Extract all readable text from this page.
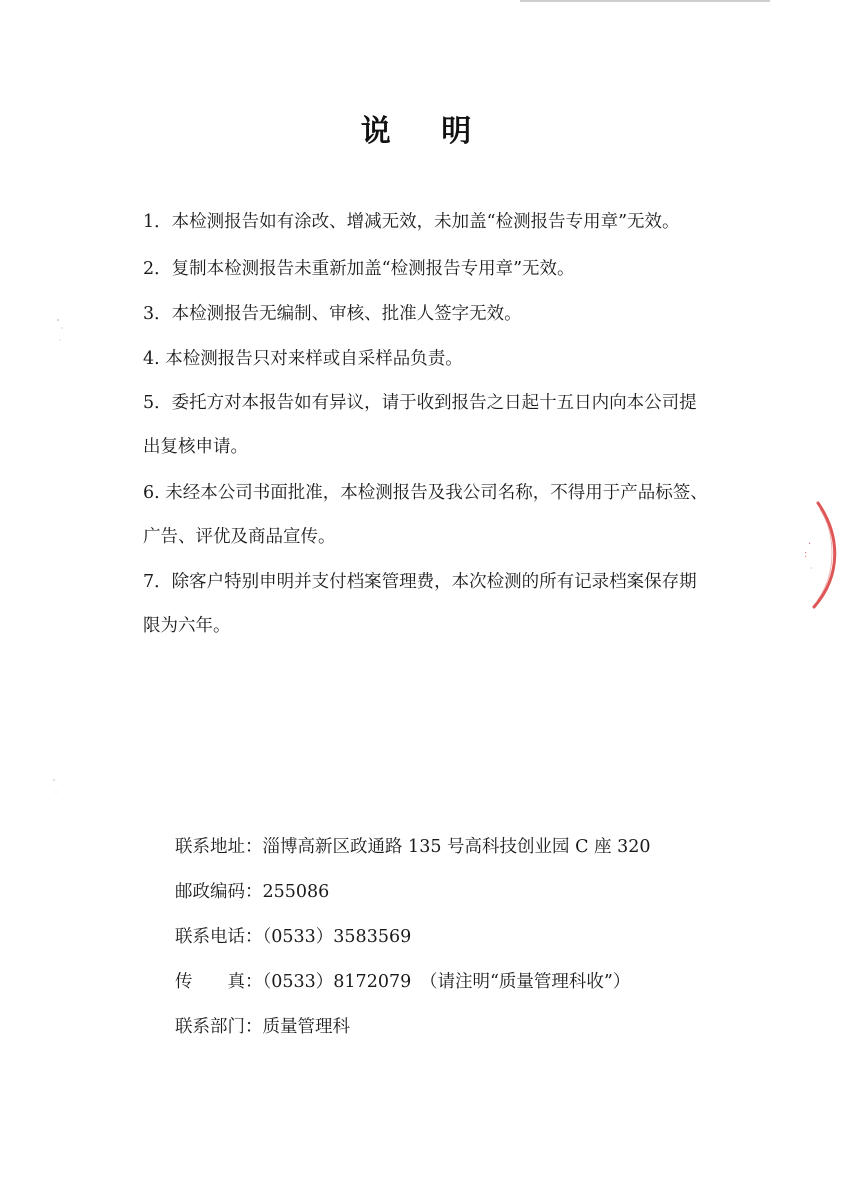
说 明
1．本检测报告如有涂改、增减无效，未加盖“检测报告专用章”无效。
2．复制本检测报告未重新加盖“检测报告专用章”无效。
3．本检测报告无编制、审核、批准人签字无效。
4. 本检测报告只对来样或自采样品负责。
5．委托方对本报告如有异议，请于收到报告之日起十五日内向本公司提
出复核申请。
6. 未经本公司书面批准，本检测报告及我公司名称，不得用于产品标签、
广告、评优及商品宣传。
7．除客户特别申明并支付档案管理费，本次检测的所有记录档案保存期
限为六年。
联系地址：淄博高新区政通路 135 号高科技创业园 C 座 320
邮政编码：255086
联系电话：（0533）3583569
传　　真：（0533）8172079　（请注明“质量管理科收”）
联系部门：质量管理科
·
:
·
